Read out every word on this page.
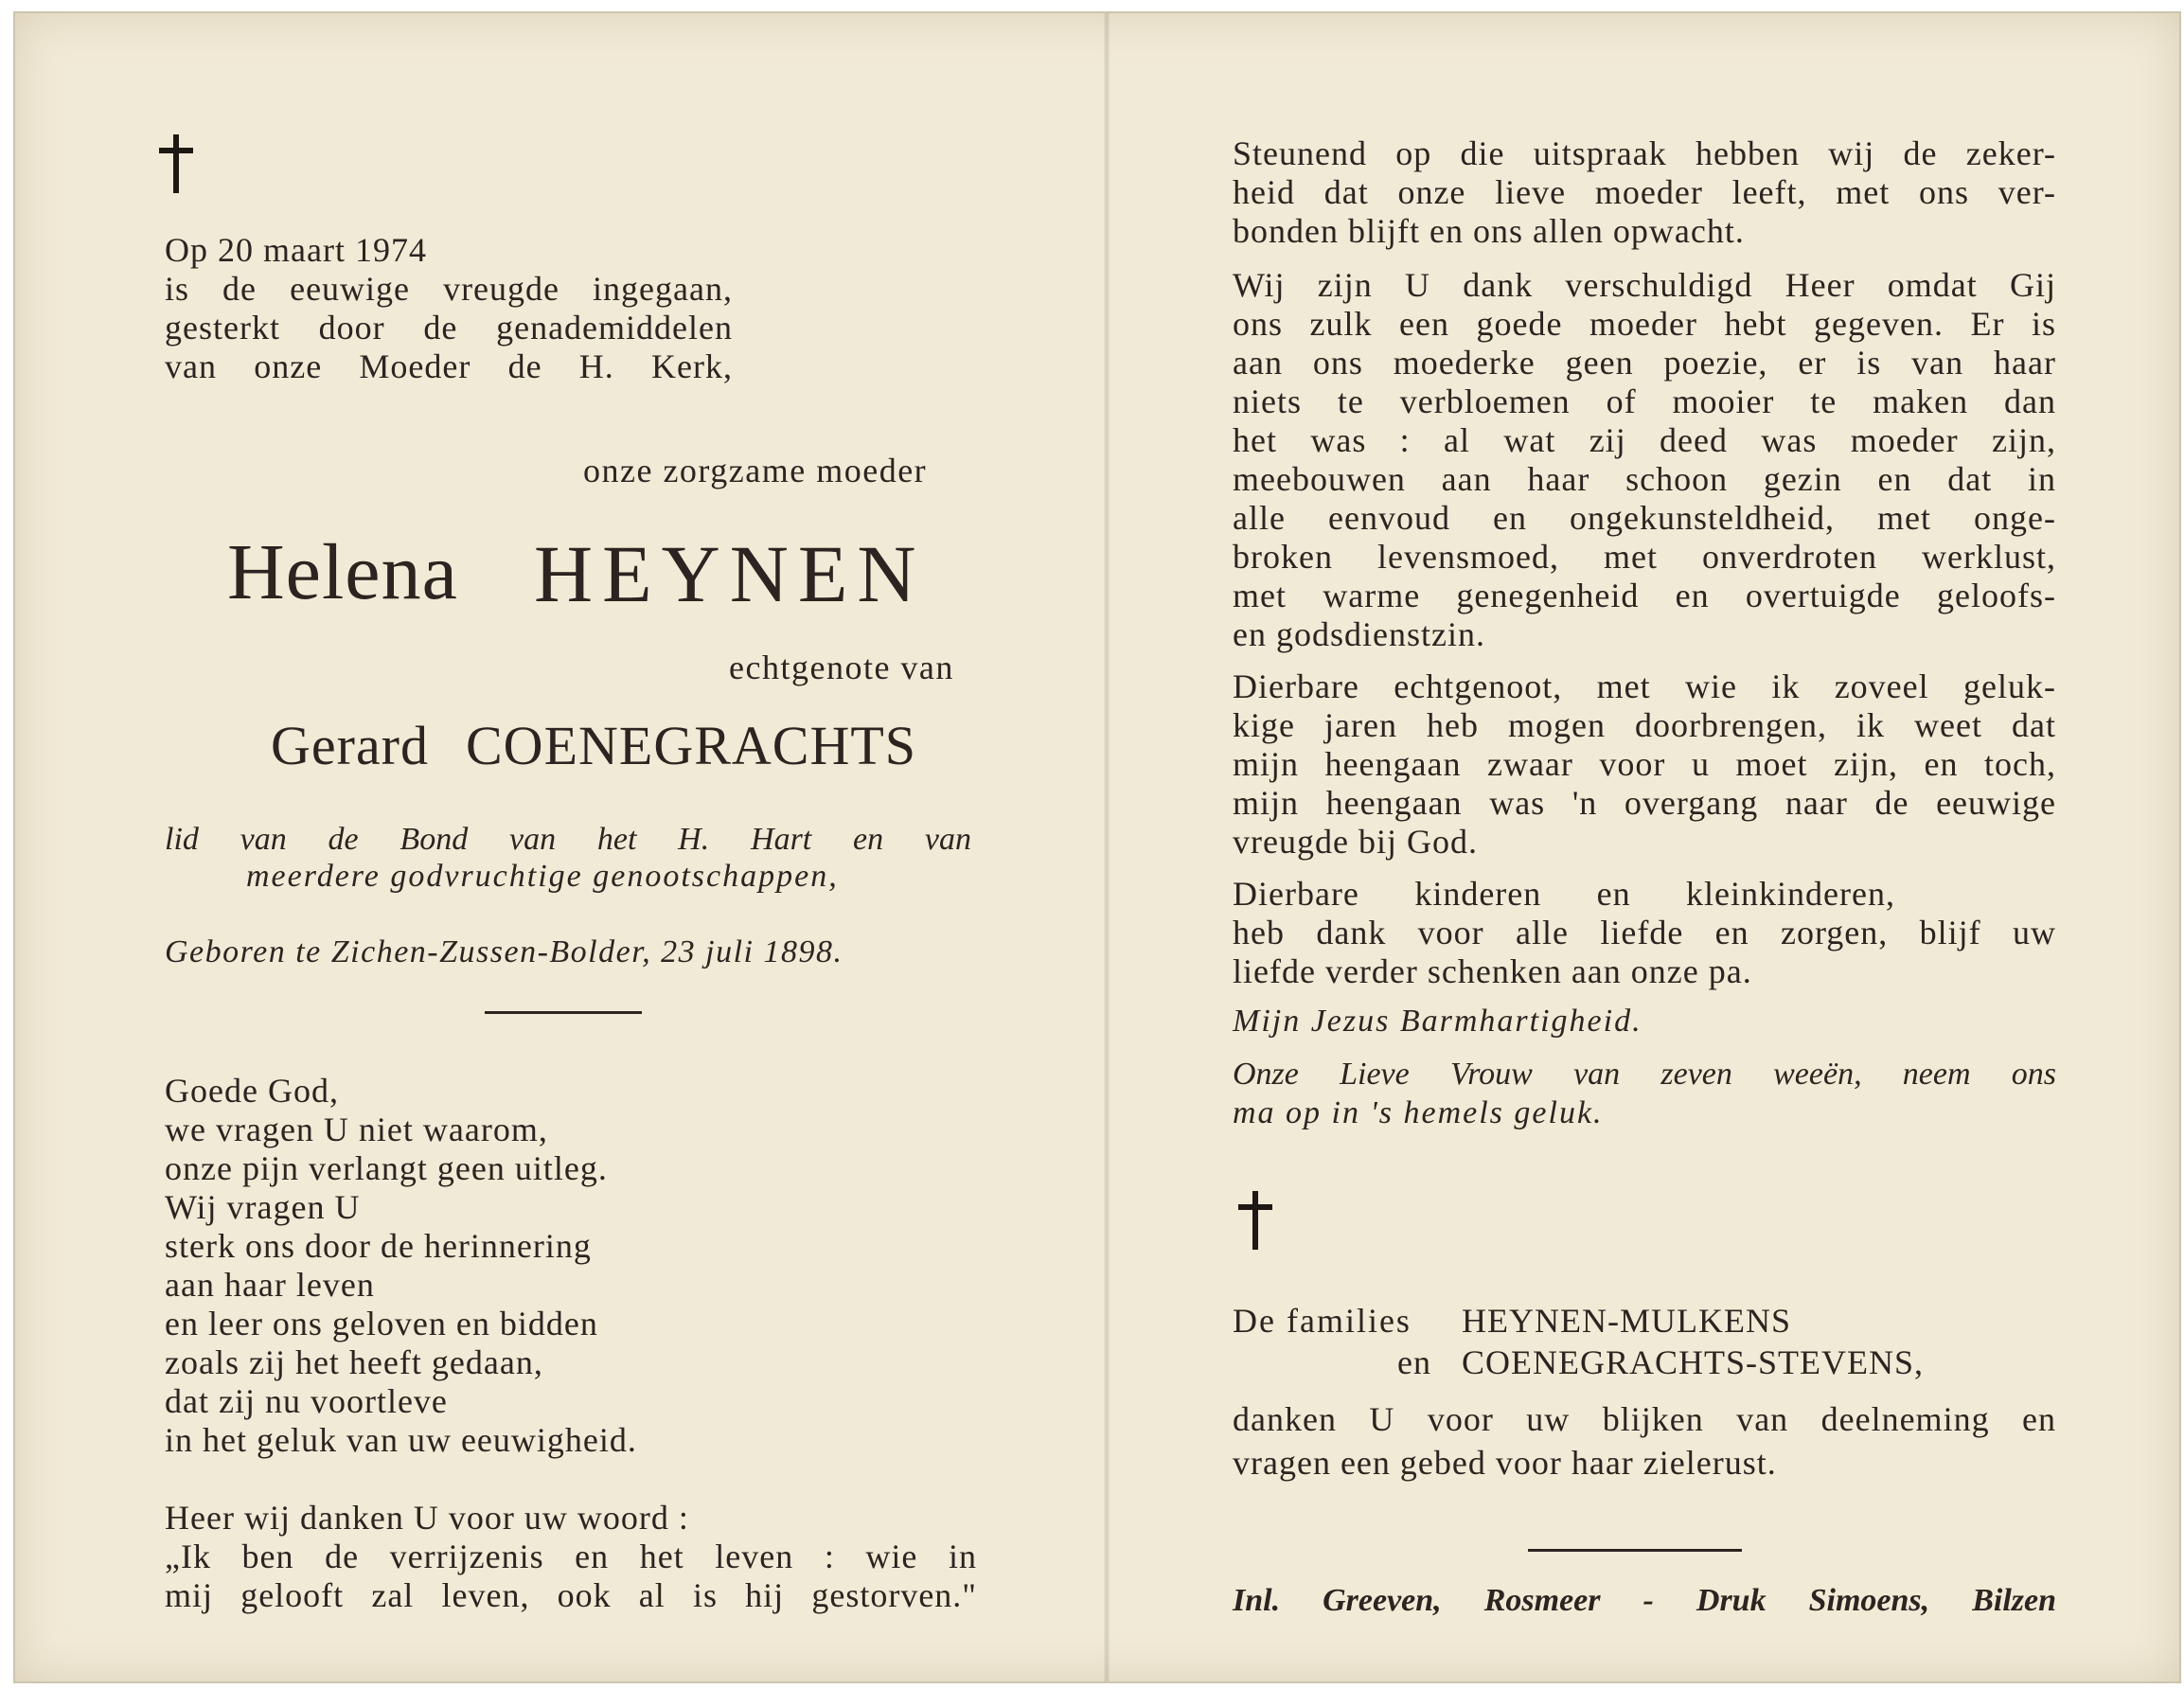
Op 20 maart 1974
is de eeuwige vreugde ingegaan,
gesterkt door de genademiddelen
van onze Moeder de H. Kerk,
onze zorgzame moeder
Helena HEYNEN
echtgenote van
Gerard COENEGRACHTS
lid van de Bond van het H. Hart en van
meerdere godvruchtige genootschappen,
Geboren te Zichen-Zussen-Bolder, 23 juli 1898.
Goede God,
we vragen U niet waarom,
onze pijn verlangt geen uitleg.
Wij vragen U
sterk ons door de herinnering
aan haar leven
en leer ons geloven en bidden
zoals zij het heeft gedaan,
dat zij nu voortleve
in het geluk van uw eeuwigheid.
Heer wij danken U voor uw woord :
„Ik ben de verrijzenis en het leven : wie in
mij gelooft zal leven, ook al is hij gestorven."
Steunend op die uitspraak hebben wij de zeker-
heid dat onze lieve moeder leeft, met ons ver-
bonden blijft en ons allen opwacht.
Wij zijn U dank verschuldigd Heer omdat Gij
ons zulk een goede moeder hebt gegeven. Er is
aan ons moederke geen poezie, er is van haar
niets te verbloemen of mooier te maken dan
het was : al wat zij deed was moeder zijn,
meebouwen aan haar schoon gezin en dat in
alle eenvoud en ongekunsteldheid, met onge-
broken levensmoed, met onverdroten werklust,
met warme genegenheid en overtuigde geloofs-
en godsdienstzin.
Dierbare echtgenoot, met wie ik zoveel geluk-
kige jaren heb mogen doorbrengen, ik weet dat
mijn heengaan zwaar voor u moet zijn, en toch,
mijn heengaan was 'n overgang naar de eeuwige
vreugde bij God.
Dierbare kinderen en kleinkinderen,
heb dank voor alle liefde en zorgen, blijf uw
liefde verder schenken aan onze pa.
Mijn Jezus Barmhartigheid.
Onze Lieve Vrouw van zeven weeën, neem ons
ma op in 's hemels geluk.
De families HEYNEN-MULKENS
en COENEGRACHTS-STEVENS,
danken U voor uw blijken van deelneming en
vragen een gebed voor haar zielerust.
Inl. Greeven, Rosmeer - Druk Simoens, Bilzen
